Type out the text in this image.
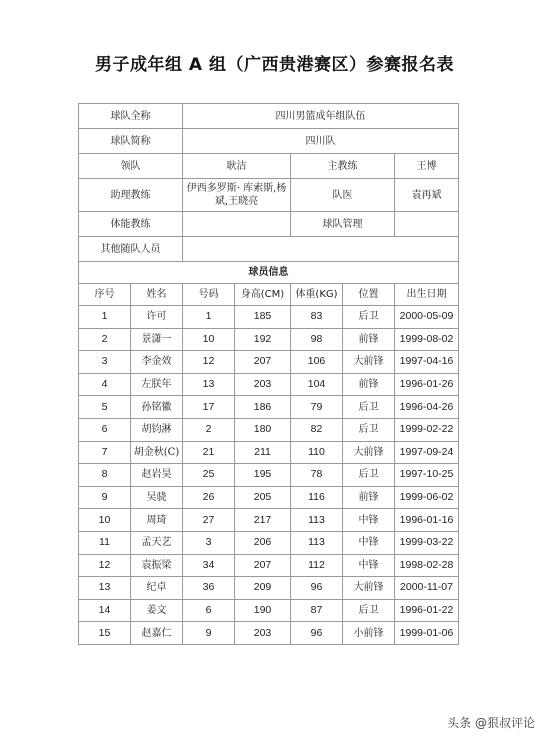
男子成年组 A 组（广西贵港赛区）参赛报名表
球队全称		四川男篮成年组队伍				
球队简称		四川队				
领队		耿洁		主教练		王博
助理教练		伊西多罗斯· 库索斯,杨斌,王晓亮		队医		袁再斌
体能教练				球队管理		
其他随队人员						
球员信息						
序号	姓名	号码	身高(CM)	体重(KG)	位置	出生日期
1	许可	1	185	83	后卫	2000-05-09
2	景潇一	10	192	98	前锋	1999-08-02
3	李金效	12	207	106	大前锋	1997-04-16
4	左朕年	13	203	104	前锋	1996-01-26
5	孙铭徽	17	186	79	后卫	1996-04-26
6	胡钧淋	2	180	82	后卫	1999-02-22
7	胡金秋(C)	21	211	110	大前锋	1997-09-24
8	赵岩昊	25	195	78	后卫	1997-10-25
9	吴骁	26	205	116	前锋	1999-06-02
10	周琦	27	217	113	中锋	1996-01-16
11	孟天艺	3	206	113	中锋	1999-03-22
12	袁振梁	34	207	112	中锋	1998-02-28
13	纪卓	36	209	96	大前锋	2000-11-07
14	姜文	6	190	87	后卫	1996-01-22
15	赵嘉仁	9	203	96	小前锋	1999-01-06
头条 @狠叔评论
